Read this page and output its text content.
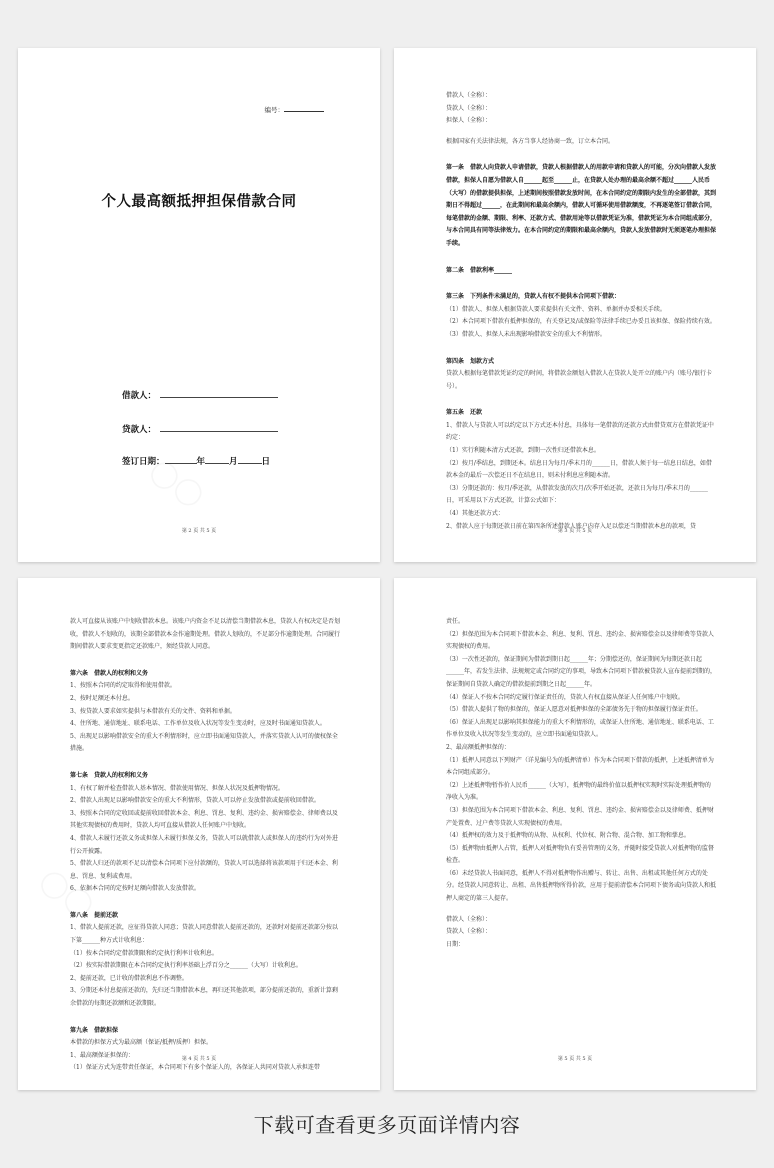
编号：
个人最高额抵押担保借款合同
借款人：
贷款人：
签订日期：	年	月	日
第 2 页 共 5 页

借款人（全称）：

贷款人（全称）：

担保人（全称）：

根据国家有关法律法规，各方当事人经协商一致，订立本合同。

第一条　借款人向贷款人申请借款，贷款人根据借款人的用款申请和贷款人的可能，分次向借款人发放借款，担保人自愿为借款人自______起至______止，在贷款人处办理的最高余额不超过______人民币（大写）的借款提供担保，上述期间按照借款发放时间，在本合同约定的期限内发生的全部借款，其到期日不得超过______，在此期间和最高余额内，借款人可循环使用借款额度，不再逐笔签订借款合同，每笔借款的金额、期限、利率、还款方式、借款用途等以借款凭证为准，借款凭证为本合同组成部分，与本合同具有同等法律效力。在本合同约定的期限和最高余额内，贷款人发放借款时无须逐笔办理担保手续。

第二条　借款利率______

第三条　下列条件未满足的，贷款人有权不提供本合同项下借款：

（1）借款人、担保人根据贷款人要求提供有关文件、资料、单据并办妥相关手续。

（2）本合同项下借款有抵押担保的，有关登记及/或保险等法律手续已办妥且该担保、保险持续有效。

（3）借款人、担保人未出现影响借款安全的重大不利情形。

第四条　划款方式

贷款人根据每笔借款凭证约定的时间，将借款金额划入借款人在贷款人处开立的账户内（账号/银行卡号）。

第五条　还款

1、借款人与贷款人可以约定以下方式还本付息，具体每一笔借款的还款方式由借贷双方在借款凭证中约定：

（1）实行利随本清方式还款，到期一次性归还借款本息。

（2）按月/季结息，到期还本。结息日为每月/季末月的______日，借款人须于每一结息日结息，如借款本金的最后一次偿还日不在结息日，则未付利息应利随本清。

（3）分期还款的：按月/季还款，从借款发放的次月/次季开始还款，还款日为每月/季末月的______日，可采用以下方式还款，计算公式如下：

（4）其他还款方式：

2、借款人应于每期还款日前在第四条所述借款人账户内存入足以偿还当期借款本息的款项，贷

第 3 页 共 5 页

款人可直接从该账户中划收借款本息。该账户内资金不足以清偿当期借款本息，贷款人有权决定是否划收，借款人不划收的，该期全部借款本金作逾期处理。借款人划收的，不足部分作逾期处理。合同履行期间借款人要求变更指定还款账户，须经贷款人同意。

第六条　借款人的权利和义务

1、按照本合同的约定取得和使用借款。

2、按时足额还本付息。

3、按贷款人要求如实提供与本借款有关的文件、资料和单据。

4、住所地、通信地址、联系电话、工作单位及收入状况等发生变动时，应及时书面通知贷款人。

5、出现足以影响借款安全的重大不利情形时，应立即书面通知贷款人，并落实贷款人认可的债权保全措施。

第七条　贷款人的权利和义务

1、有权了解并检查借款人基本情况、借款使用情况、担保人状况及抵押物情况。

2、借款人出现足以影响借款安全的重大不利情形，贷款人可以停止发放借款或提前收回借款。

3、按照本合同的定收回或提前收回借款本金、利息、罚息、复利、违约金、损害赔偿金、律师费以及其他实现债权的费用时，贷款人均可直接从借款人任何账户中划收。

4、借款人未履行还款义务或担保人未履行担保义务，贷款人可以就借款人或担保人的违约行为对外进行公开披露。

5、借款人归还的款项不足以清偿本合同项下应付款额的，贷款人可以选择将该款项用于归还本金、利息、罚息、复利或费用。

6、依据本合同的定按时足额向借款人发放借款。

第八条　提前还款

1、借款人提前还款，应征得贷款人同意；贷款人同意借款人提前还款的，还款时对提前还款部分按以下第______种方式计收利息：

（1）按本合同约定借款期限和约定执行利率计收利息。

（2）按实际借款期限在本合同约定执行利率基础上浮百分之______（大写）计收利息。

2、提前还款，已计收的借款利息不作调整。

3、分期还本付息提前还款的，先归还当期借款本息，再归还其他款项，部分提前还款的，重新计算剩余借款的每期还款额和还款期限。

第九条　借款担保

本借款的担保方式为最高额（保证/抵押/质押）担保。

1、最高额保证担保的：

（1）保证方式为连带责任保证，本合同项下有多个保证人的，各保证人共同对贷款人承担连带

第 4 页 共 5 页

责任。

（2）担保范围为本合同项下借款本金、利息、复利、罚息、违约金、损害赔偿金以及律师费等贷款人实现债权的费用。

（3）一次性还款的，保证期间为借款到期日起______年；分期偿还的，保证期间为每期还款日起______年，若发生法律、法规规定或合同约定的事项，导致本合同项下借款被贷款人宣布提前到期的，保证期间自贷款人确定的借款提前到期之日起______年。

（4）保证人不按本合同约定履行保证责任的，贷款人有权直接从保证人任何账户中划收。

（5）借款人提供了物的担保的，保证人愿意对抵押担保的全部债务先于物的担保履行保证责任。

（6）保证人出现足以影响其担保能力的重大不利情形的，或保证人住所地、通信地址、联系电话、工作单位及收入状况等发生变动的，应立即书面通知贷款人。

2、最高额抵押担保的：

（1）抵押人同意以下列财产（详见编号为的抵押清单）作为本合同项下借款的抵押，上述抵押清单为本合同组成部分。

（2）上述抵押物暂作价人民币______（大写），抵押物的最终价值以抵押权实现时实际处理抵押物的净收入为准。

（3）担保范围为本合同项下借款本金、利息、复利、罚息、违约金、损害赔偿金以及律师费、抵押财产处置费、过户费等贷款人实现债权的费用。

（4）抵押权的效力及于抵押物的从物、从权利、代位权、附合物、混合物、加工物和孳息。

（5）抵押物由抵押人占管，抵押人对抵押物负有妥善管理的义务，并随时接受贷款人对抵押物的监督检查。

（6）未经贷款人书面同意，抵押人不得对抵押物作出赠与、转让、出售、出租或其他任何方式的处分。经贷款人同意转让、出租、出售抵押物所得价款，应用于提前清偿本合同项下债务或向贷款人和抵押人商定的第三人提存。

借款人（全称）：

贷款人（全称）：

日期：

第 5 页 共 5 页
下载可查看更多页面详情内容
